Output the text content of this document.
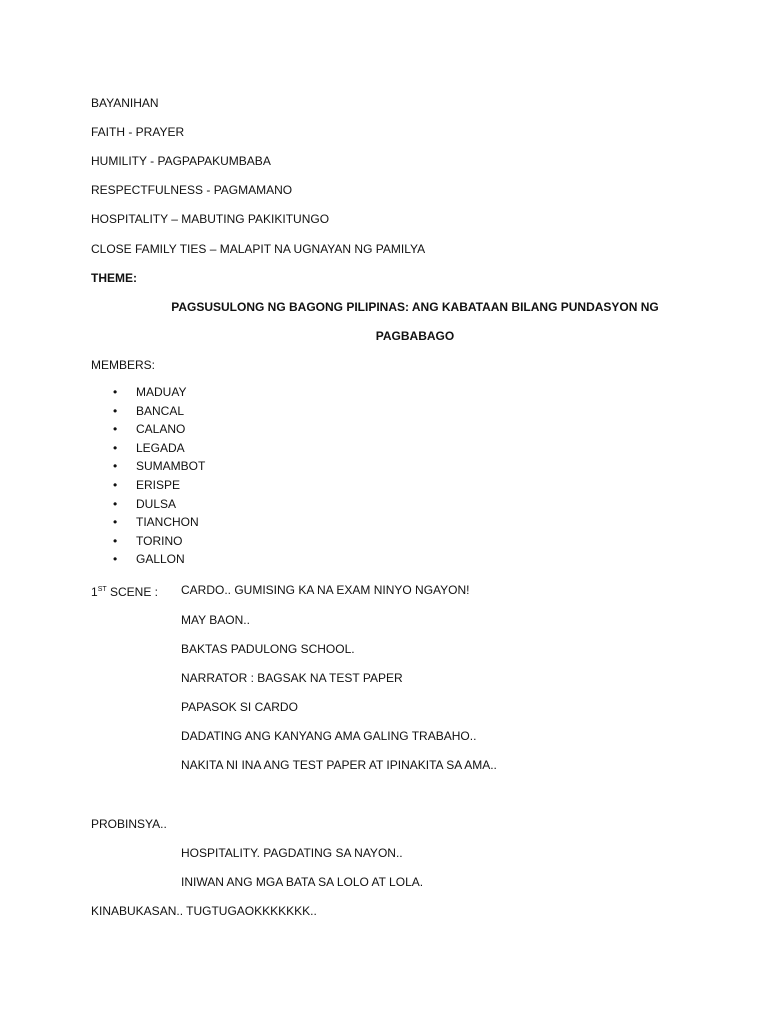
BAYANIHAN
FAITH - PRAYER
HUMILITY - PAGPAPAKUMBABA
RESPECTFULNESS - PAGMAMANO
HOSPITALITY – MABUTING PAKIKITUNGO
CLOSE FAMILY TIES – MALAPIT NA UGNAYAN NG PAMILYA
THEME:
PAGSUSULONG NG BAGONG PILIPINAS: ANG KABATAAN BILANG PUNDASYON NG
PAGBABAGO
MEMBERS:
• MADUAY
• BANCAL
• CALANO
• LEGADA
• SUMAMBOT
• ERISPE
• DULSA
• TIANCHON
• TORINO
• GALLON
1ST SCENE : CARDO.. GUMISING KA NA EXAM NINYO NGAYON!
MAY BAON..
BAKTAS PADULONG SCHOOL.
NARRATOR : BAGSAK NA TEST PAPER
PAPASOK SI CARDO
DADATING ANG KANYANG AMA GALING TRABAHO..
NAKITA NI INA ANG TEST PAPER AT IPINAKITA SA AMA..
PROBINSYA..
HOSPITALITY. PAGDATING SA NAYON..
INIWAN ANG MGA BATA SA LOLO AT LOLA.
KINABUKASAN.. TUGTUGAOKKKKKKK..
